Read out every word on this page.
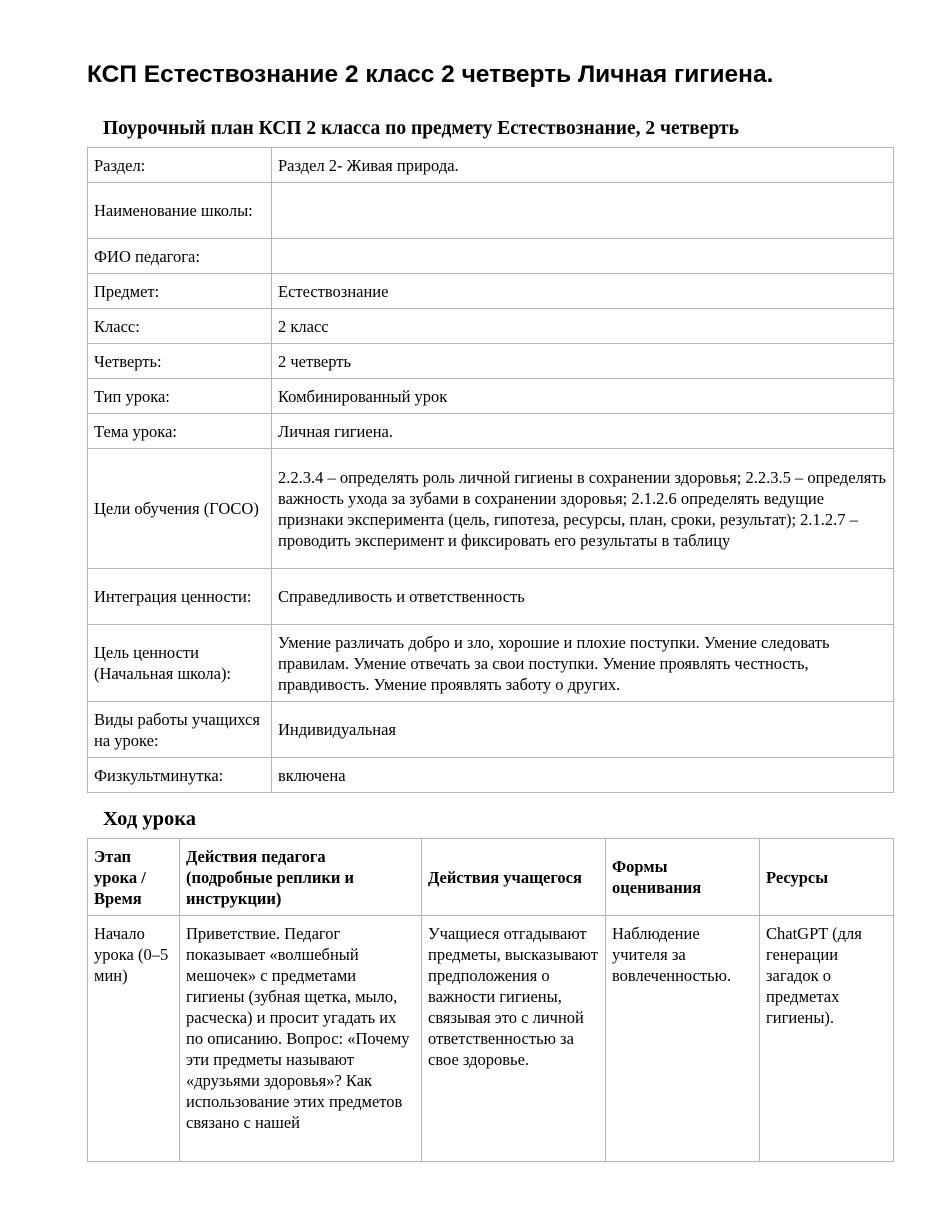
КСП Естествознание 2 класс 2 четверть Личная гигиена.
Поурочный план КСП 2 класса по предмету Естествознание, 2 четверть
Раздел:	Раздел 2- Живая природа.
Наименование школы:	
ФИО педагога:	
Предмет:	Естествознание
Класс:	2 класс
Четверть:	2 четверть
Тип урока:	Комбинированный урок
Тема урока:	Личная гигиена.
Цели обучения (ГОСО)	2.2.3.4 – определять роль личной гигиены в сохранении здоровья; 2.2.3.5 – определять важность ухода за зубами в сохранении здоровья; 2.1.2.6 определять ведущие признаки эксперимента (цель, гипотеза, ресурсы, план, сроки, результат); 2.1.2.7 – проводить эксперимент и фиксировать его результаты в таблицу
Интеграция ценности:	Справедливость и ответственность
Цель ценности (Начальная школа):	Умение различать добро и зло, хорошие и плохие поступки. Умение следовать правилам. Умение отвечать за свои поступки. Умение проявлять честность, правдивость. Умение проявлять заботу о других.
Виды работы учащихся на уроке:	Индивидуальная
Физкультминутка:	включена
Ход урока
Этап урока / Время	Действия педагога (подробные реплики и инструкции)	Действия учащегося	Формы оценивания	Ресурсы
Начало урока (0–5 мин)	Приветствие. Педагог показывает «волшебный мешочек» с предметами гигиены (зубная щетка, мыло, расческа) и просит угадать их по описанию. Вопрос: «Почему эти предметы называют «друзьями здоровья»? Как использование этих предметов связано с нашей	Учащиеся отгадывают предметы, высказывают предположения о важности гигиены, связывая это с личной ответственностью за свое здоровье.	Наблюдение учителя за вовлеченностью.	ChatGPT (для генерации загадок о предметах гигиены).
